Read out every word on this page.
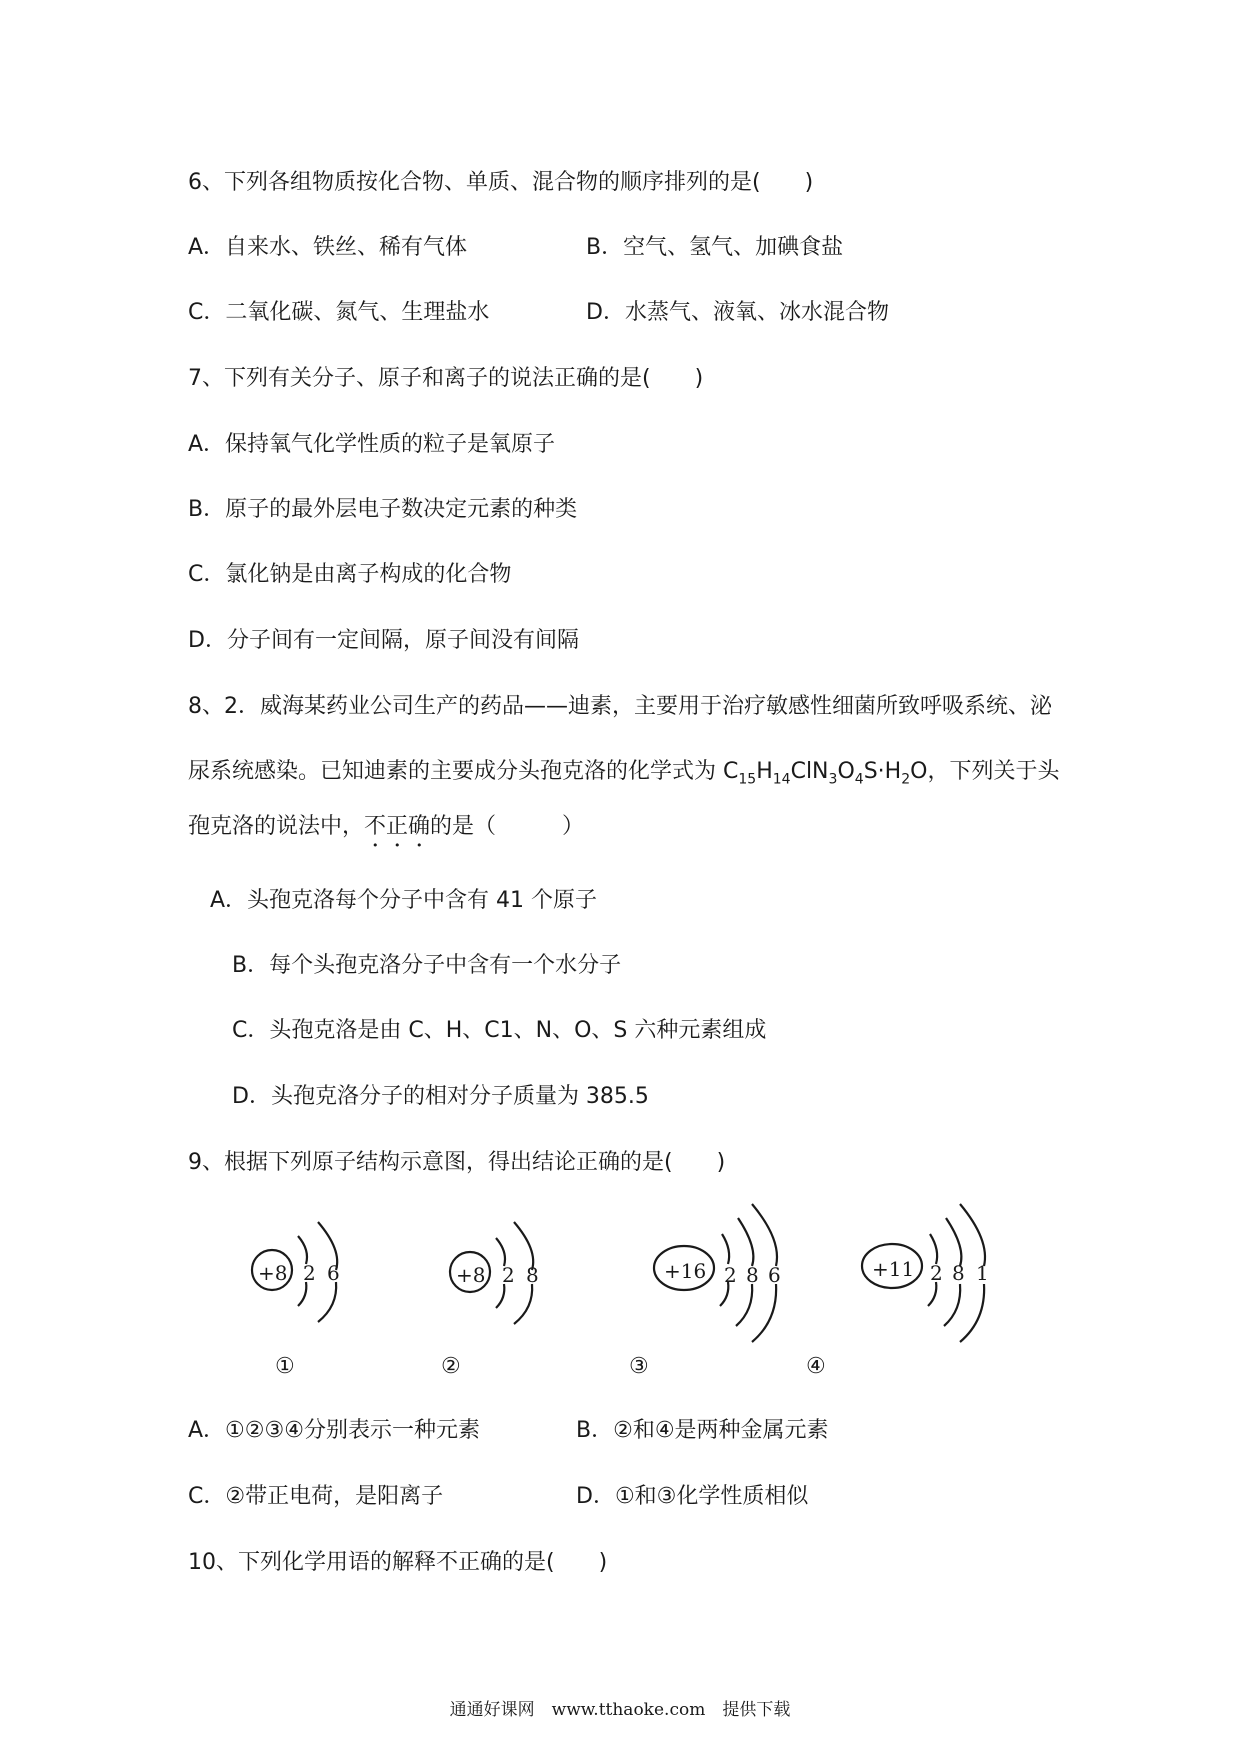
6、下列各组物质按化合物、单质、混合物的顺序排列的是(　　)
A．自来水、铁丝、稀有气体	B．空气、氢气、加碘食盐
C．二氧化碳、氮气、生理盐水	D．水蒸气、液氧、冰水混合物
7、下列有关分子、原子和离子的说法正确的是(　　)
A．保持氧气化学性质的粒子是氧原子
B．原子的最外层电子数决定元素的种类
C．氯化钠是由离子构成的化合物
D．分子间有一定间隔，原子间没有间隔
8、2．威海某药业公司生产的药品——迪素，主要用于治疗敏感性细菌所致呼吸系统、泌
尿系统感染。已知迪素的主要成分头孢克洛的化学式为 $C_{15}H_{14}ClN_3O_4S\cdot H_2O$，下列关于头
孢克洛的说法中，不正确的是（　　　）
A．头孢克洛每个分子中含有 41 个原子
B．每个头孢克洛分子中含有一个水分子
C．头孢克洛是由 C、H、C1、N、O、S 六种元素组成
D．头孢克洛分子的相对分子质量为 385.5
9、根据下列原子结构示意图，得出结论正确的是(　　)
+8 2 6	+8 2 8	+16 2 8 6	+11 2 8 1
①	②	③	④
A．①②③④分别表示一种元素	B．②和④是两种金属元素
C．②带正电荷，是阳离子	D．①和③化学性质相似
10、下列化学用语的解释不正确的是(　　)
通通好课网　www.tthaoke.com　提供下载
